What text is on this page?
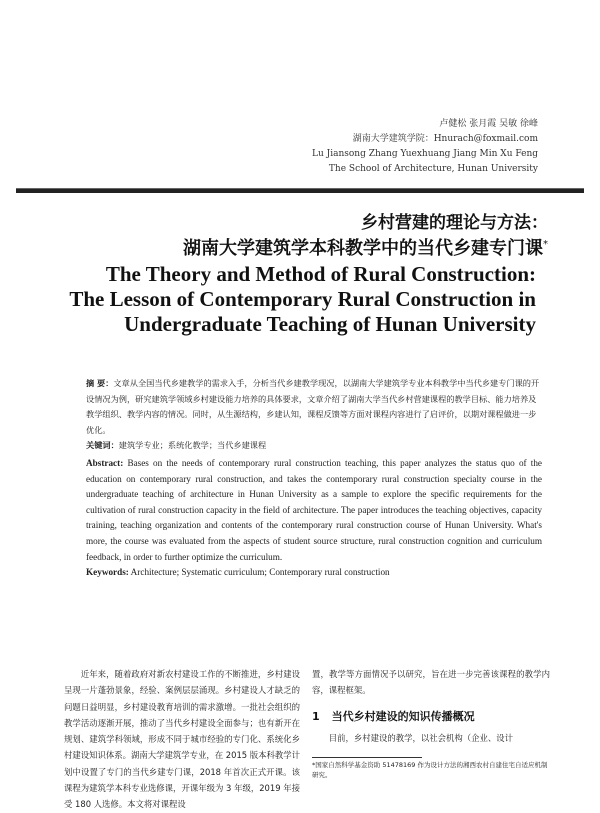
卢健松 张月霞 吴敏 徐峰
湖南大学建筑学院：Hnurach@foxmail.com
Lu Jiansong Zhang Yuexhuang Jiang Min Xu Feng
The School of Architecture, Hunan University
乡村营建的理论与方法：
湖南大学建筑学本科教学中的当代乡建专门课*
The Theory and Method of Rural Construction:
The Lesson of Contemporary Rural Construction in
Undergraduate Teaching of Hunan University
摘 要：文章从全国当代乡建教学的需求入手，分析当代乡建教学现况，以湖南大学建筑学专业本科教学中当代乡建专门课的开设情况为例，研究建筑学领域乡村建设能力培养的具体要求，文章介绍了湖南大学当代乡村营建课程的教学目标、能力培养及教学组织、教学内容的情况。同时，从生源结构，乡建认知，课程反馈等方面对课程内容进行了启评价，以期对课程做进一步优化。
关键词：建筑学专业；系统化教学；当代乡建课程
Abstract: Bases on the needs of contemporary rural construction teaching, this paper analyzes the status quo of the education on contemporary rural construction, and takes the contemporary rural construction specialty course in the undergraduate teaching of architecture in Hunan University as a sample to explore the specific requirements for the cultivation of rural construction capacity in the field of architecture. The paper introduces the teaching objectives, capacity training, teaching organization and contents of the contemporary rural construction course of Hunan University. What's more, the course was evaluated from the aspects of student source structure, rural construction cognition and curriculum feedback, in order to further optimize the curriculum.
Keywords: Architecture; Systematic curriculum; Contemporary rural construction
近年来，随着政府对新农村建设工作的不断推进，乡村建设呈现一片蓬勃景象，经验、案例层层涌现。乡村建设人才缺乏的问题日益明显，乡村建设教育培训的需求激增。一批社会组织的教学活动逐渐开展，推动了当代乡村建设全面参与；也有新开在规划、建筑学科领域，形成不同于城市经验的专门化、系统化乡村建设知识体系。湖南大学建筑学专业，在 2015 版本科教学计划中设置了专门的当代乡建专门课，2018 年首次正式开课。该课程为建筑学本科专业选修课，开课年级为 3 年级，2019 年接受 180 人选修。本文将对课程设
置，教学等方面情况予以研究，旨在进一步完善该课程的教学内容，课程框架。
1 当代乡村建设的知识传播概况
目前，乡村建设的教学，以社会机构（企业、设计
*国家自然科学基金资助 51478169 作为设计方法的湘西农村自建住宅自适应机制研究。
